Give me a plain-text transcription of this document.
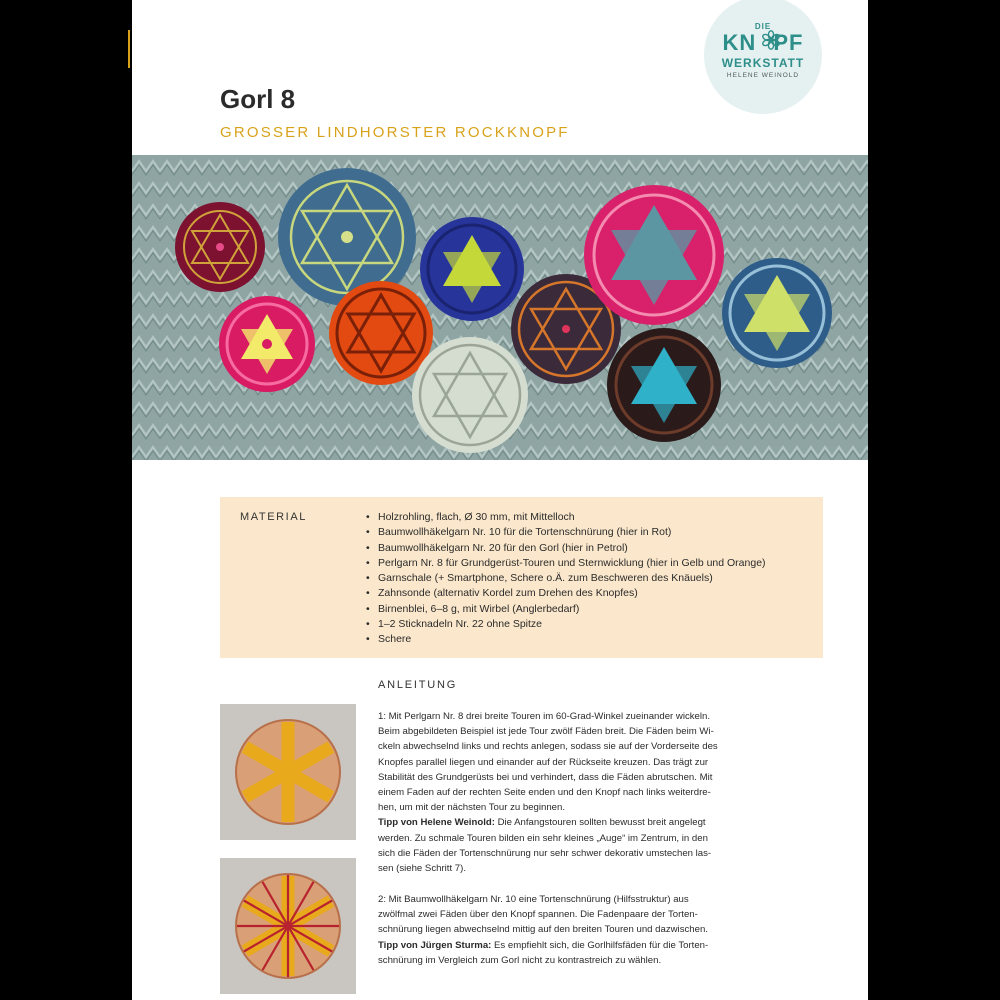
DIE
KN PF
WERKSTATT
HELENE WEINOLD
Gorl 8
GROSSER LINDHORSTER ROCKKNOPF
MATERIAL
•	Holzrohling, flach, Ø 30 mm, mit Mittelloch
• Baumwollhäkelgarn Nr. 10 für die Tortenschnürung (hier in Rot)
• Baumwollhäkelgarn Nr. 20 für den Gorl (hier in Petrol)
• Perlgarn Nr. 8 für Grundgerüst-Touren und Sternwicklung (hier in Gelb und Orange)
• Garnschale (+ Smartphone, Schere o.Ä. zum Beschweren des Knäuels)
• Zahnsonde (alternativ Kordel zum Drehen des Knopfes)
• Birnenblei, 6–8 g, mit Wirbel (Anglerbedarf)
• 1–2 Sticknadeln Nr. 22 ohne Spitze
• Schere
ANLEITUNG

1: Mit Perlgarn Nr. 8 drei breite Touren im 60-Grad-Winkel zueinander wickeln.

Beim abgebildeten Beispiel ist jede Tour zwölf Fäden breit. Die Fäden beim Wi-

ckeln abwechselnd links und rechts anlegen, sodass sie auf der Vorderseite des

Knopfes parallel liegen und einander auf der Rückseite kreuzen. Das trägt zur

Stabilität des Grundgerüsts bei und verhindert, dass die Fäden abrutschen. Mit

einem Faden auf der rechten Seite enden und den Knopf nach links weiterdre-

hen, um mit der nächsten Tour zu beginnen.

Tipp von Helene Weinold: Die Anfangstouren sollten bewusst breit angelegt

werden. Zu schmale Touren bilden ein sehr kleines „Auge“ im Zentrum, in den

sich die Fäden der Tortenschnürung nur sehr schwer dekorativ umstechen las-

sen (siehe Schritt 7).

2: Mit Baumwollhäkelgarn Nr. 10 eine Tortenschnürung (Hilfsstruktur) aus

zwölfmal zwei Fäden über den Knopf spannen. Die Fadenpaare der Torten-

schnürung liegen abwechselnd mittig auf den breiten Touren und dazwischen.

Tipp von Jürgen Sturma: Es empfiehlt sich, die Gorlhilfsfäden für die Torten-

schnürung im Vergleich zum Gorl nicht zu kontrastreich zu wählen.
